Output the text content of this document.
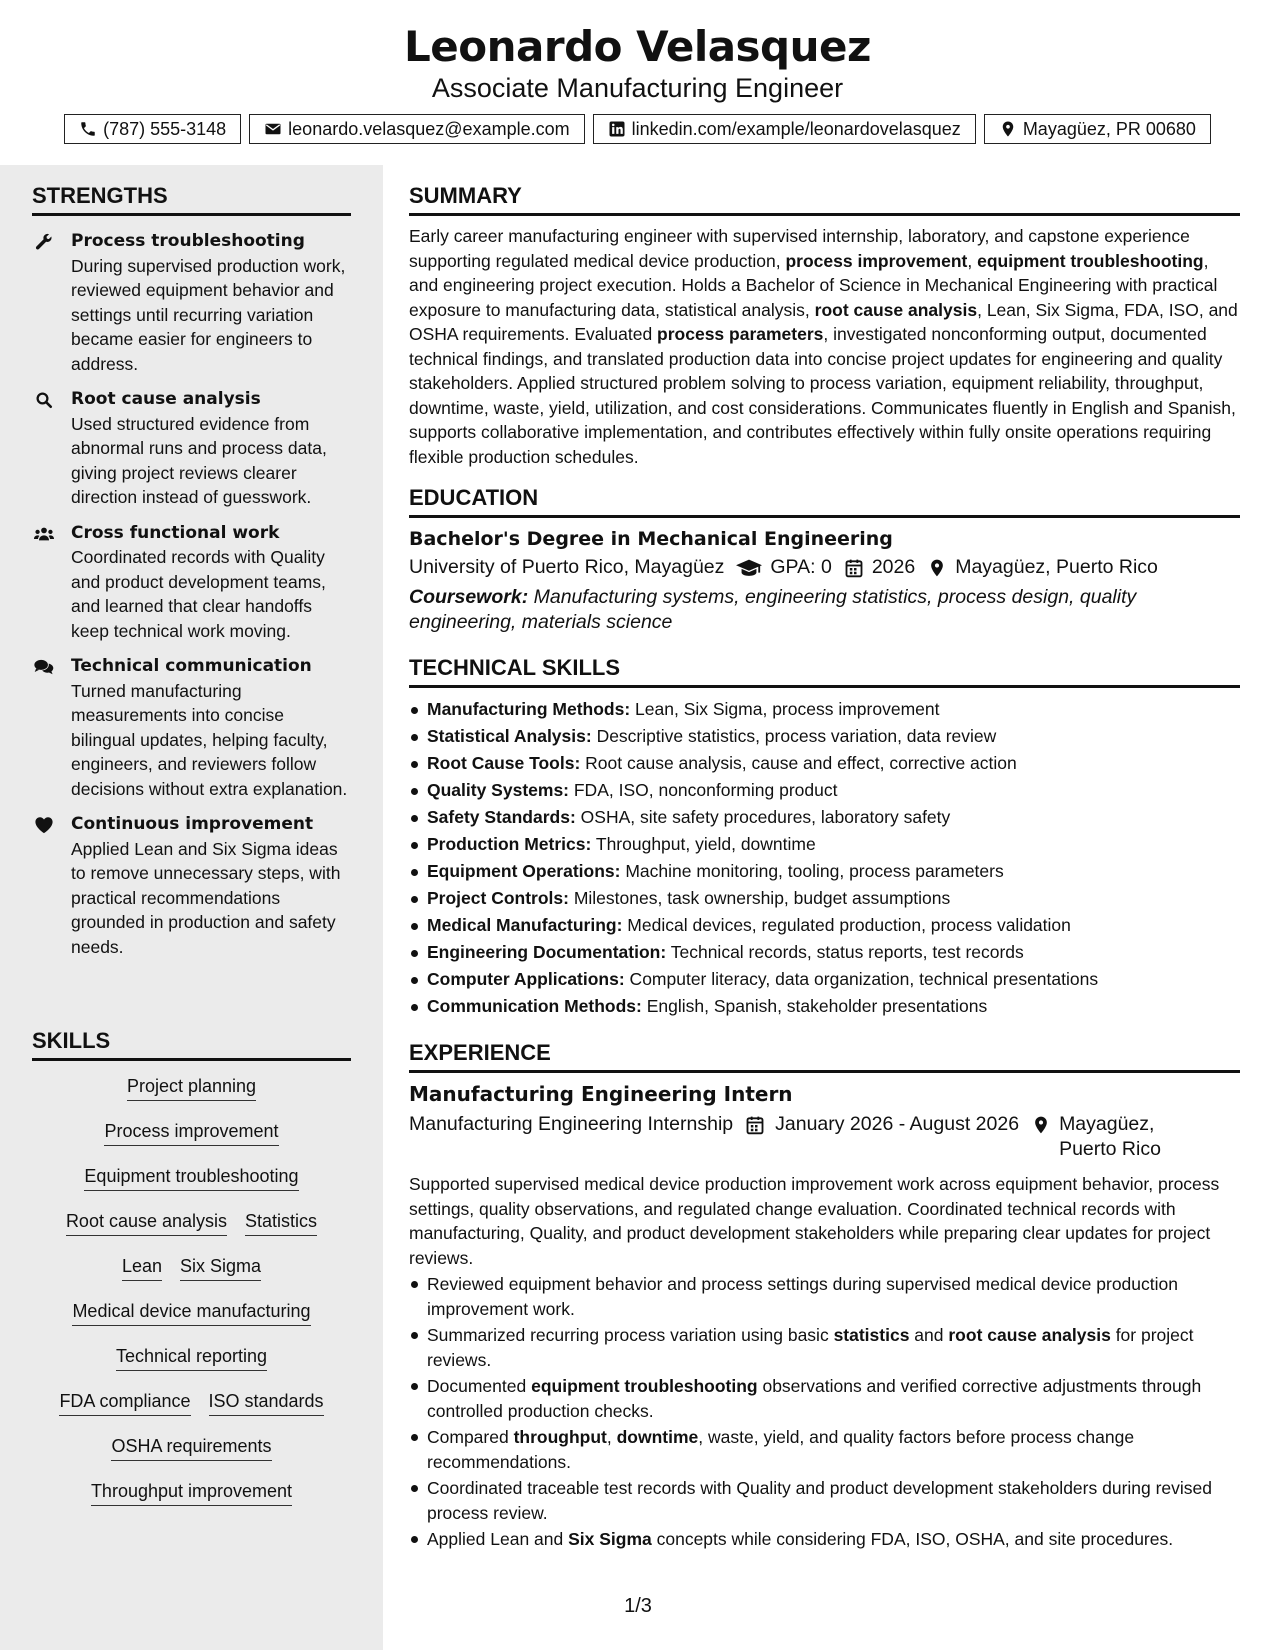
Leonardo Velasquez
Associate Manufacturing Engineer
(787) 555-3148	leonardo.velasquez@example.com	linkedin.com/example/leonardovelasquez	Mayagüez, PR 00680
STRENGTHS
Process troubleshooting
During supervised production work, reviewed equipment behavior and settings until recurring variation became easier for engineers to address.
Root cause analysis
Used structured evidence from abnormal runs and process data, giving project reviews clearer direction instead of guesswork.
Cross functional work
Coordinated records with Quality and product development teams, and learned that clear handoffs keep technical work moving.
Technical communication
Turned manufacturing measurements into concise bilingual updates, helping faculty, engineers, and reviewers follow decisions without extra explanation.
Continuous improvement
Applied Lean and Six Sigma ideas to remove unnecessary steps, with practical recommendations grounded in production and safety needs.
SKILLS
Project planning
Process improvement
Equipment troubleshooting
Root cause analysis Statistics
Lean Six Sigma
Medical device manufacturing
Technical reporting
FDA compliance ISO standards
OSHA requirements
Throughput improvement
SUMMARY
Early career manufacturing engineer with supervised internship, laboratory, and capstone experience supporting regulated medical device production, process improvement, equipment troubleshooting, and engineering project execution. Holds a Bachelor of Science in Mechanical Engineering with practical exposure to manufacturing data, statistical analysis, root cause analysis, Lean, Six Sigma, FDA, ISO, and OSHA requirements. Evaluated process parameters, investigated nonconforming output, documented technical findings, and translated production data into concise project updates for engineering and quality stakeholders. Applied structured problem solving to process variation, equipment reliability, throughput, downtime, waste, yield, utilization, and cost considerations. Communicates fluently in English and Spanish, supports collaborative implementation, and contributes effectively within fully onsite operations requiring flexible production schedules.
EDUCATION
Bachelor's Degree in Mechanical Engineering
University of Puerto Rico, Mayagüez GPA: 0 2026 Mayagüez, Puerto Rico
Coursework: Manufacturing systems, engineering statistics, process design, quality engineering, materials science
TECHNICAL SKILLS
Manufacturing Methods: Lean, Six Sigma, process improvement
Statistical Analysis: Descriptive statistics, process variation, data review
Root Cause Tools: Root cause analysis, cause and effect, corrective action
Quality Systems: FDA, ISO, nonconforming product
Safety Standards: OSHA, site safety procedures, laboratory safety
Production Metrics: Throughput, yield, downtime
Equipment Operations: Machine monitoring, tooling, process parameters
Project Controls: Milestones, task ownership, budget assumptions
Medical Manufacturing: Medical devices, regulated production, process validation
Engineering Documentation: Technical records, status reports, test records
Computer Applications: Computer literacy, data organization, technical presentations
Communication Methods: English, Spanish, stakeholder presentations
EXPERIENCE
Manufacturing Engineering Intern
Manufacturing Engineering Internship January 2026 - August 2026 Mayagüez, Puerto Rico
Supported supervised medical device production improvement work across equipment behavior, process settings, quality observations, and regulated change evaluation. Coordinated technical records with manufacturing, Quality, and product development stakeholders while preparing clear updates for project reviews.
Reviewed equipment behavior and process settings during supervised medical device production improvement work.
Summarized recurring process variation using basic statistics and root cause analysis for project reviews.
Documented equipment troubleshooting observations and verified corrective adjustments through controlled production checks.
Compared throughput, downtime, waste, yield, and quality factors before process change recommendations.
Coordinated traceable test records with Quality and product development stakeholders during revised process review.
Applied Lean and Six Sigma concepts while considering FDA, ISO, OSHA, and site procedures.
1/3
